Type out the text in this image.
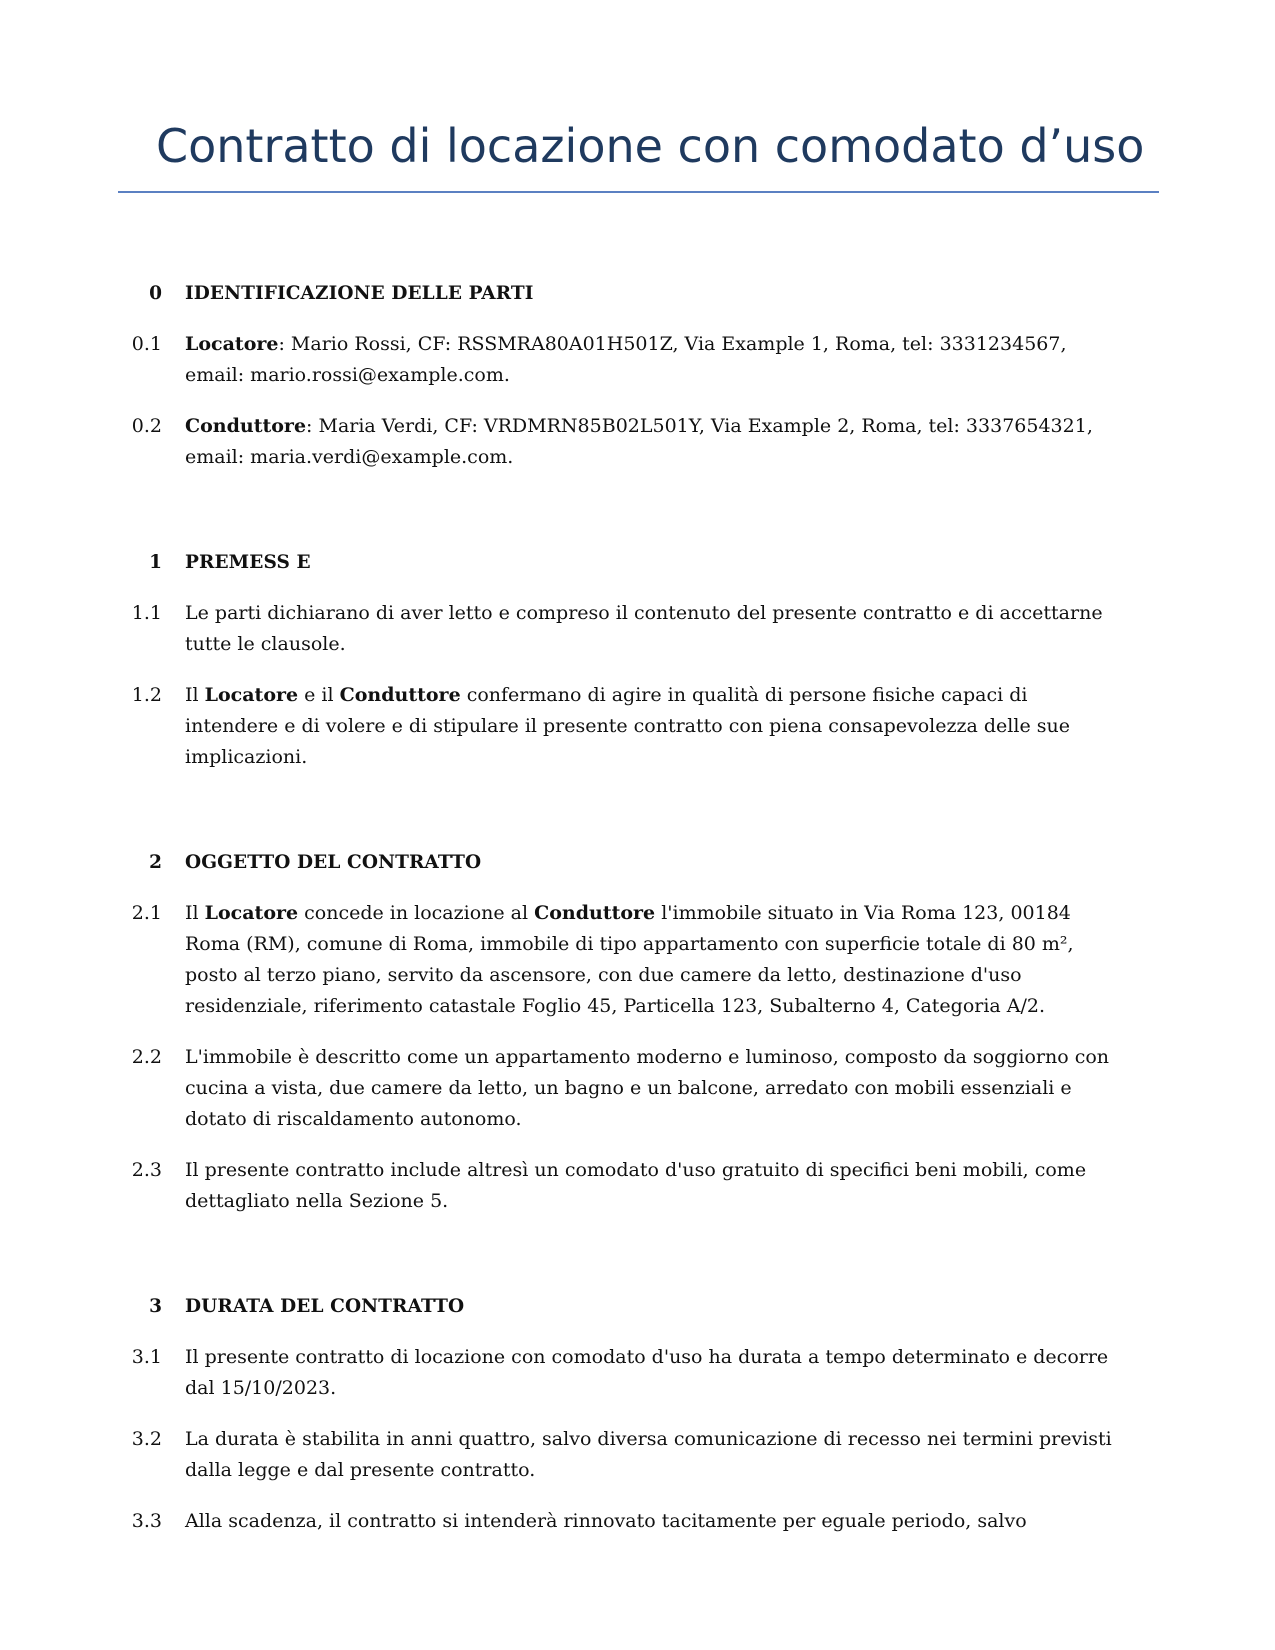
Contratto di locazione con comodato d’uso
0	IDENTIFICAZIONE DELLE PARTI
0.1	Locatore: Mario Rossi, CF: RSSMRA80A01H501Z, Via Example 1, Roma, tel: 3331234567, email: mario.rossi@example.com.
0.2	Conduttore: Maria Verdi, CF: VRDMRN85B02L501Y, Via Example 2, Roma, tel: 3337654321, email: maria.verdi@example.com.
1	PREMESS E
1.1	Le parti dichiarano di aver letto e compreso il contenuto del presente contratto e di accettarne tutte le clausole.
1.2	Il Locatore e il Conduttore confermano di agire in qualità di persone fisiche capaci di intendere e di volere e di stipulare il presente contratto con piena consapevolezza delle sue implicazioni.
2	OGGETTO DEL CONTRATTO
2.1	Il Locatore concede in locazione al Conduttore l'immobile situato in Via Roma 123, 00184 Roma (RM), comune di Roma, immobile di tipo appartamento con superficie totale di 80 m², posto al terzo piano, servito da ascensore, con due camere da letto, destinazione d'uso residenziale, riferimento catastale Foglio 45, Particella 123, Subalterno 4, Categoria A/2.
2.2	L'immobile è descritto come un appartamento moderno e luminoso, composto da soggiorno con cucina a vista, due camere da letto, un bagno e un balcone, arredato con mobili essenziali e dotato di riscaldamento autonomo.
2.3	Il presente contratto include altresì un comodato d'uso gratuito di specifici beni mobili, come dettagliato nella Sezione 5.
3	DURATA DEL CONTRATTO
3.1	Il presente contratto di locazione con comodato d'uso ha durata a tempo determinato e decorre dal 15/10/2023.
3.2	La durata è stabilita in anni quattro, salvo diversa comunicazione di recesso nei termini previsti dalla legge e dal presente contratto.
3.3	Alla scadenza, il contratto si intenderà rinnovato tacitamente per eguale periodo, salvo
